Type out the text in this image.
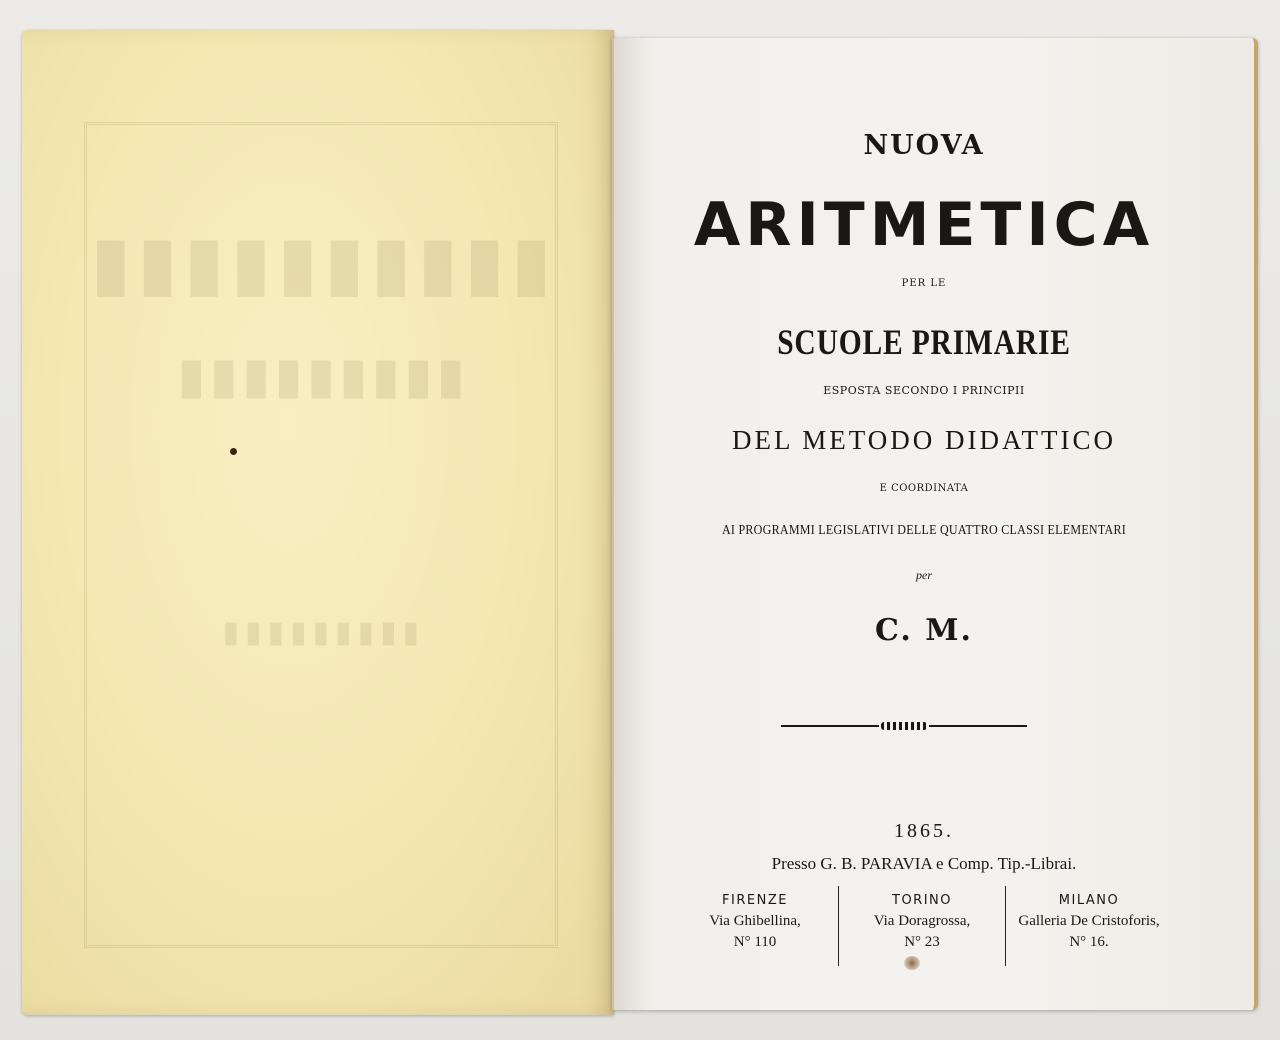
▮▮▮▮▮▮▮▮▮▮
▮▮▮▮▮▮▮▮▮
▮▮▮▮▮▮▮▮▮

NUOVA

ARITMETICA

PER LE

SCUOLE PRIMARIE

ESPOSTA SECONDO I PRINCIPII

DEL METODO DIDATTICO

E COORDINATA

AI PROGRAMMI LEGISLATIVI DELLE QUATTRO CLASSI ELEMENTARI

per

C. M.

1865.

Presso G. B. PARAVIA e Comp. Tip.-Librai.

FIRENZE
Via Ghibellina,
N° 110
TORINO
Via Doragrossa,
N° 23
MILANO
Galleria De Cristoforis,
N° 16.
